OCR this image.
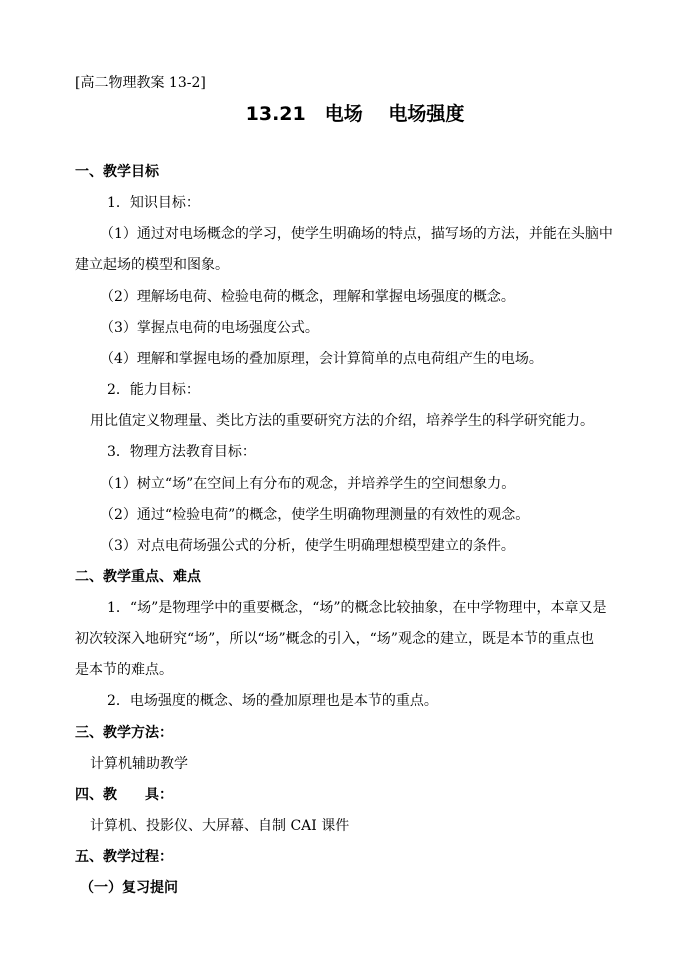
[高二物理教案 13-2]
13.21　电场　 电场强度
一、教学目标
1．知识目标：
（1）通过对电场概念的学习，使学生明确场的特点，描写场的方法，并能在头脑中
建立起场的模型和图象。
（2）理解场电荷、检验电荷的概念，理解和掌握电场强度的概念。
（3）掌握点电荷的电场强度公式。
（4）理解和掌握电场的叠加原理，会计算简单的点电荷组产生的电场。
2．能力目标：
用比值定义物理量、类比方法的重要研究方法的介绍，培养学生的科学研究能力。
3．物理方法教育目标：
（1）树立“场”在空间上有分布的观念，并培养学生的空间想象力。
（2）通过“检验电荷”的概念，使学生明确物理测量的有效性的观念。
（3）对点电荷场强公式的分析，使学生明确理想模型建立的条件。
二、教学重点、难点
1．“场”是物理学中的重要概念，“场”的概念比较抽象，在中学物理中，本章又是
初次较深入地研究“场”，所以“场”概念的引入，“场”观念的建立，既是本节的重点也
是本节的难点。
2．电场强度的概念、场的叠加原理也是本节的重点。
三、教学方法：
计算机辅助教学
四、教　　具：
计算机、投影仪、大屏幕、自制 CAI 课件
五、教学过程：
（一）复习提问
